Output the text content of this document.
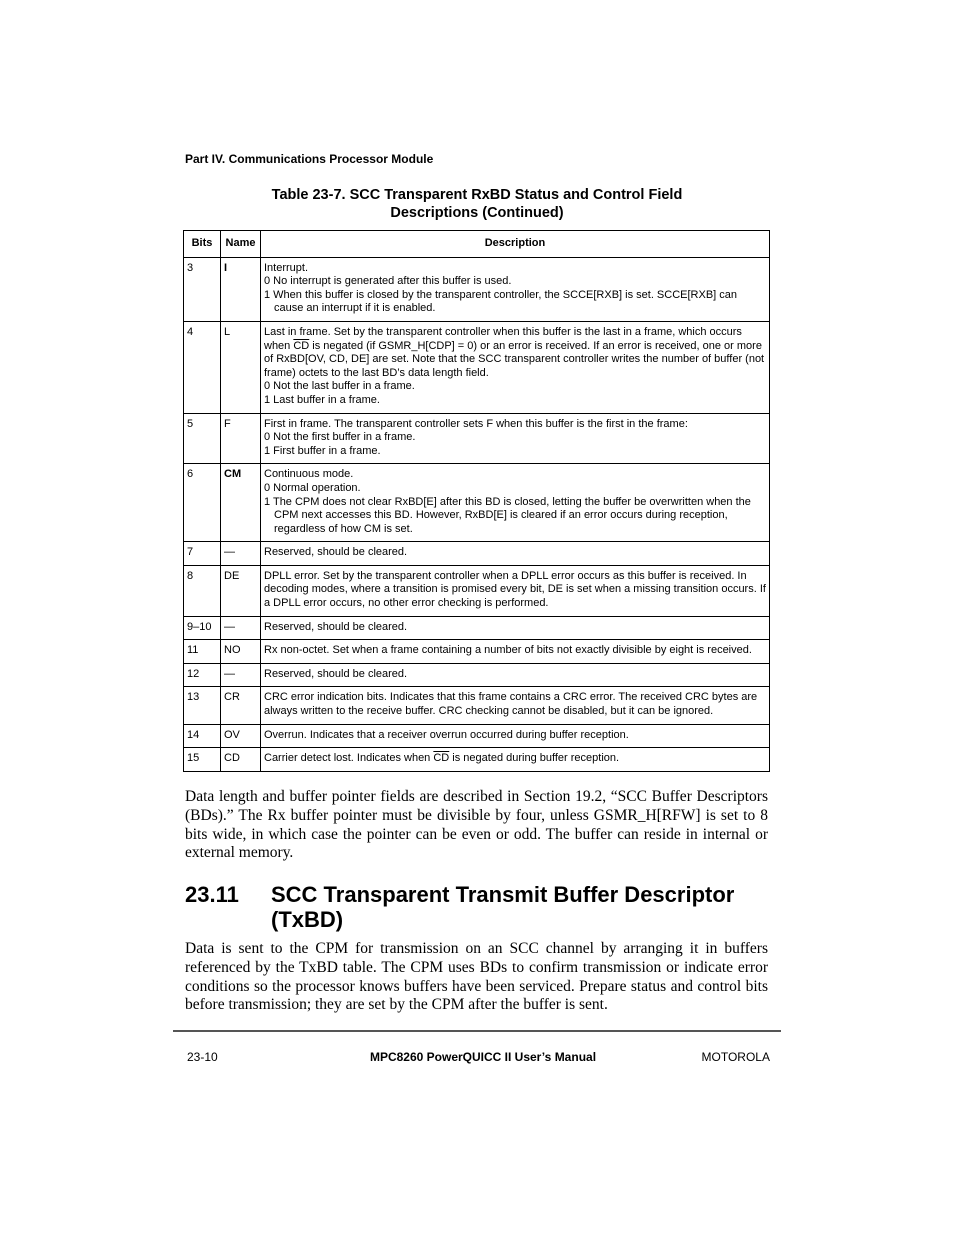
Part IV. Communications Processor Module
Table 23-7. SCC Transparent RxBD Status and Control Field
Descriptions (Continued)
Bits	Name	Description
3	I	Interrupt.
0 No interrupt is generated after this buffer is used.
1 When this buffer is closed by the transparent controller, the SCCE[RXB] is set. SCCE[RXB] can cause an interrupt if it is enabled.

4	L	Last in frame. Set by the transparent controller when this buffer is the last in a frame, which occurs when $\overline{CD}$ is negated (if GSMR_H[CDP] = 0) or an error is received. If an error is received, one or more of RxBD[OV, CD, DE] are set. Note that the SCC transparent controller writes the number of buffer (not frame) octets to the last BD’s data length field.
0 Not the last buffer in a frame.
1 Last buffer in a frame.

5	F	First in frame. The transparent controller sets F when this buffer is the first in the frame:
0 Not the first buffer in a frame.
1 First buffer in a frame.

6	CM	Continuous mode.
0 Normal operation.
1 The CPM does not clear RxBD[E] after this BD is closed, letting the buffer be overwritten when the CPM next accesses this BD. However, RxBD[E] is cleared if an error occurs during reception, regardless of how CM is set.

7	—	Reserved, should be cleared.
8	DE	DPLL error. Set by the transparent controller when a DPLL error occurs as this buffer is received. In decoding modes, where a transition is promised every bit, DE is set when a missing transition occurs. If a DPLL error occurs, no other error checking is performed.
9–10	—	Reserved, should be cleared.
11	NO	Rx non-octet. Set when a frame containing a number of bits not exactly divisible by eight is received.
12	—	Reserved, should be cleared.
13	CR	CRC error indication bits. Indicates that this frame contains a CRC error. The received CRC bytes are always written to the receive buffer. CRC checking cannot be disabled, but it can be ignored.
14	OV	Overrun. Indicates that a receiver overrun occurred during buffer reception.
15	CD	Carrier detect lost. Indicates when $\overline{CD}$ is negated during buffer reception.

Data length and buffer pointer fields are described in Section 19.2, “SCC Buffer Descriptors (BDs).” The Rx buffer pointer must be divisible by four, unless GSMR_H[RFW] is set to 8 bits wide, in which case the pointer can be even or odd. The buffer can reside in internal or external memory.

23.11 SCC Transparent Transmit Buffer Descriptor
(TxBD)

Data is sent to the CPM for transmission on an SCC channel by arranging it in buffers referenced by the TxBD table. The CPM uses BDs to confirm transmission or indicate error conditions so the processor knows buffers have been serviced. Prepare status and control bits before transmission; they are set by the CPM after the buffer is sent.

23-10	MPC8260 PowerQUICC II User’s Manual	MOTOROLA
